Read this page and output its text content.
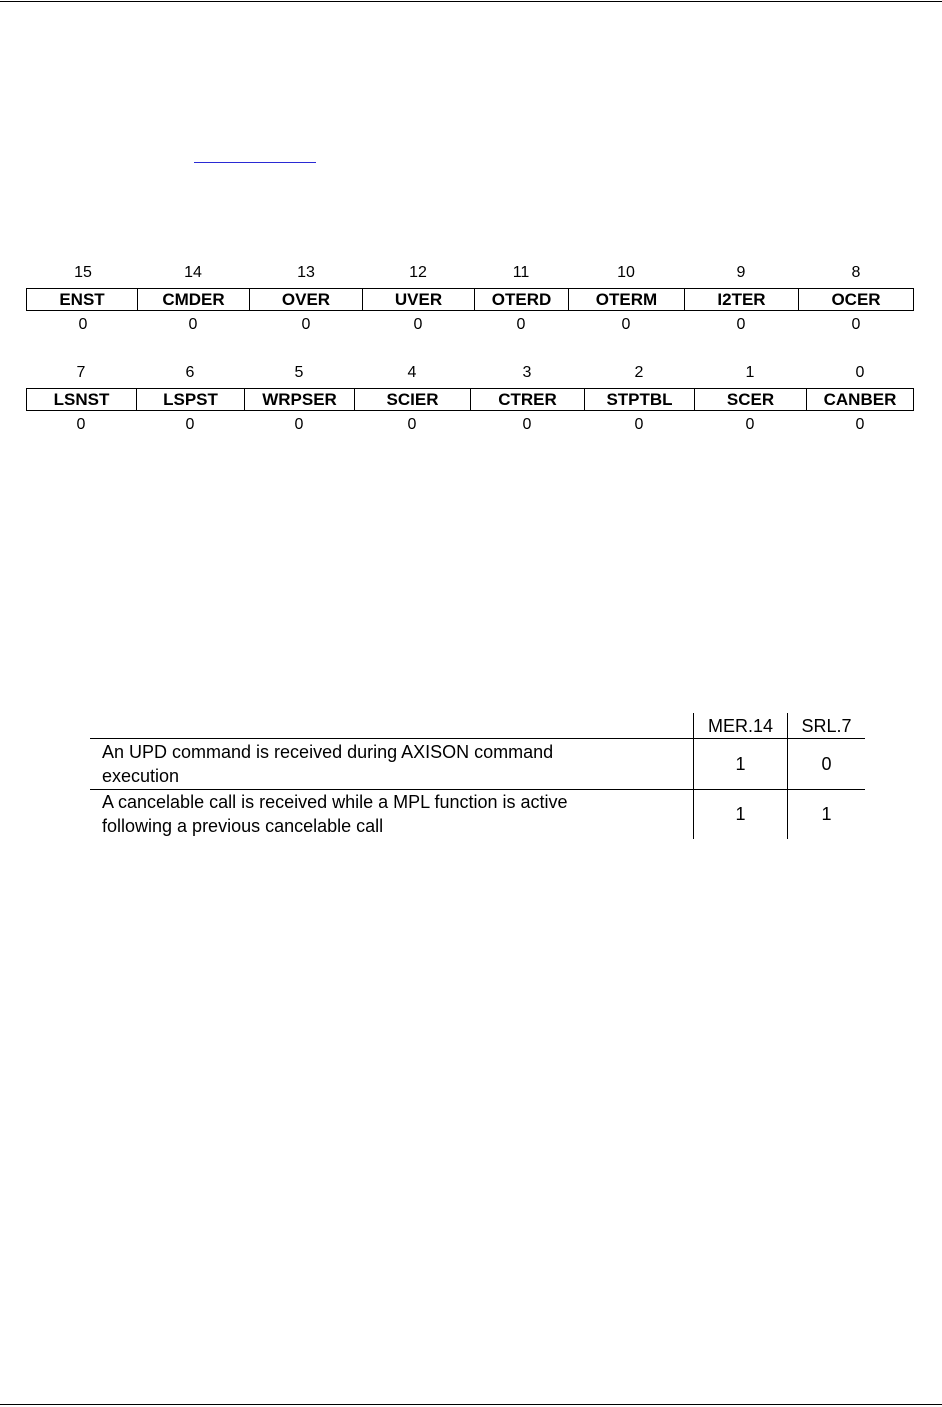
15	14	13	12	11	10	9	8
ENST	CMDER	OVER	UVER	OTERD	OTERM	I2TER	OCER
0	0	0	0	0	0	0	0
7	6	5	4	3	2	1	0
LSNST	LSPST	WRPSER	SCIER	CTRER	STPTBL	SCER	CANBER
0	0	0	0	0	0	0	0
MER.14	SRL.7
An UPD command is received during AXISON command
execution
1	0
A cancelable call is received while a MPL function is active
following a previous cancelable call
1	1
